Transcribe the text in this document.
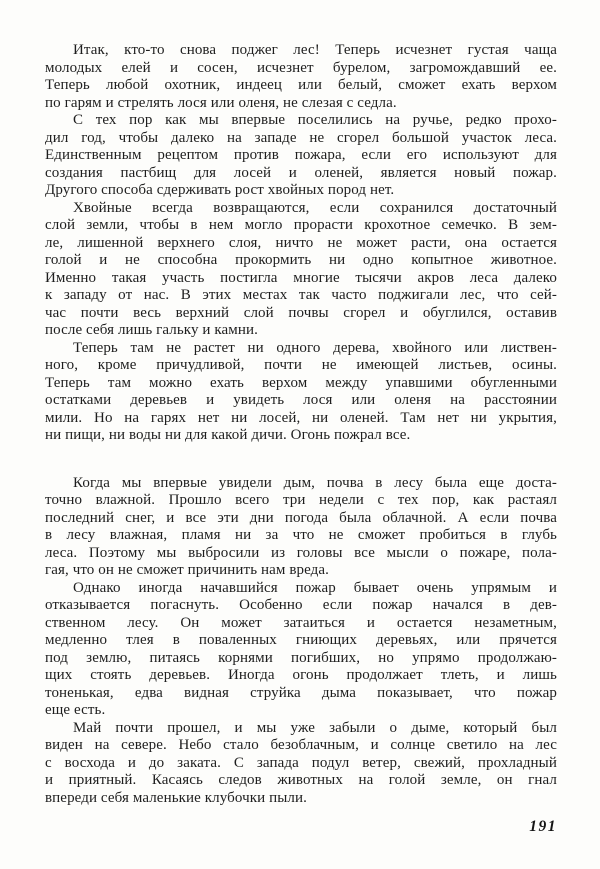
Итак, кто-то снова поджег лес! Теперь исчезнет густая чаща
молодых елей и сосен, исчезнет бурелом, загромождавший ее.
Теперь любой охотник, индеец или белый, сможет ехать верхом
по гарям и стрелять лося или оленя, не слезая с седла.
С тех пор как мы впервые поселились на ручье, редко прохо-
дил год, чтобы далеко на западе не сгорел большой участок леса.
Единственным рецептом против пожара, если его используют для
создания пастбищ для лосей и оленей, является новый пожар.
Другого способа сдерживать рост хвойных пород нет.
Хвойные всегда возвращаются, если сохранился достаточный
слой земли, чтобы в нем могло прорасти крохотное семечко. В зем-
ле, лишенной верхнего слоя, ничто не может расти, она остается
голой и не способна прокормить ни одно копытное животное.
Именно такая участь постигла многие тысячи акров леса далеко
к западу от нас. В этих местах так часто поджигали лес, что сей-
час почти весь верхний слой почвы сгорел и обуглился, оставив
после себя лишь гальку и камни.
Теперь там не растет ни одного дерева, хвойного или листвен-
ного, кроме причудливой, почти не имеющей листьев, осины.
Теперь там можно ехать верхом между упавшими обугленными
остатками деревьев и увидеть лося или оленя на расстоянии
мили. Но на гарях нет ни лосей, ни оленей. Там нет ни укрытия,
ни пищи, ни воды ни для какой дичи. Огонь пожрал все.
Когда мы впервые увидели дым, почва в лесу была еще доста-
точно влажной. Прошло всего три недели с тех пор, как растаял
последний снег, и все эти дни погода была облачной. А если почва
в лесу влажная, пламя ни за что не сможет пробиться в глубь
леса. Поэтому мы выбросили из головы все мысли о пожаре, пола-
гая, что он не сможет причинить нам вреда.
Однако иногда начавшийся пожар бывает очень упрямым и
отказывается погаснуть. Особенно если пожар начался в дев-
ственном лесу. Он может затаиться и остается незаметным,
медленно тлея в поваленных гниющих деревьях, или прячется
под землю, питаясь корнями погибших, но упрямо продолжаю-
щих стоять деревьев. Иногда огонь продолжает тлеть, и лишь
тоненькая, едва видная струйка дыма показывает, что пожар
еще есть.
Май почти прошел, и мы уже забыли о дыме, который был
виден на севере. Небо стало безоблачным, и солнце светило на лес
с восхода и до заката. С запада подул ветер, свежий, прохладный
и приятный. Касаясь следов животных на голой земле, он гнал
впереди себя маленькие клубочки пыли.
191
